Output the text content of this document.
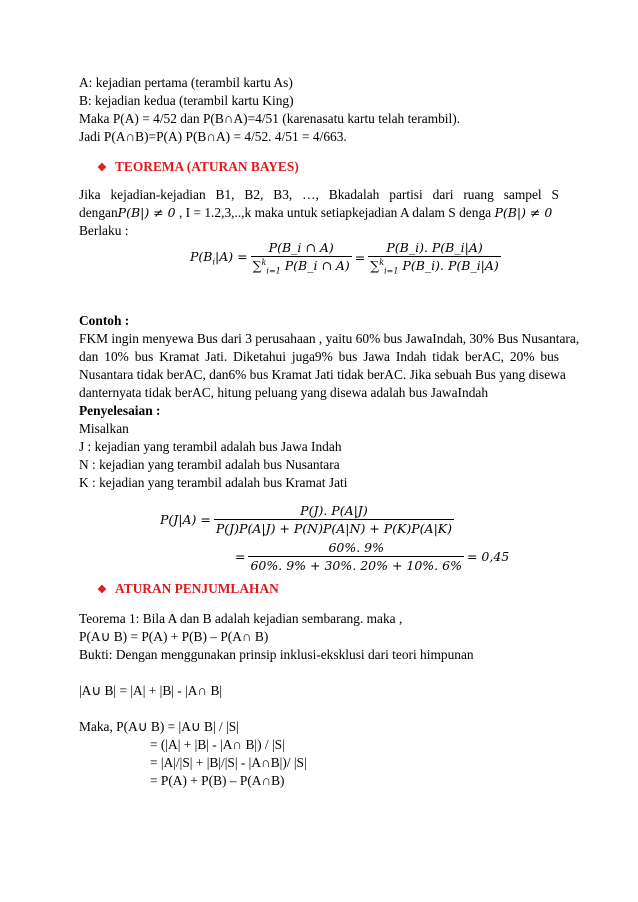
A: kejadian pertama (terambil kartu As)
B: kejadian kedua (terambil kartu King)
Maka P(A) = 4/52 dan P(B∩A)=4/51 (karenasatu kartu telah terambil).
Jadi P(A∩B)=P(A) P(B∩A) = 4/52. 4/51 = 4/663.
❖ TEOREMA (ATURAN BAYES)
Jika kejadian-kejadian B1, B2, B3, …, Bkadalah partisi dari ruang sampel S
denganP(B|) ≠ 0 , I = 1.2,3,..,k maka untuk setiapkejadian A dalam S denga P(B|) ≠ 0
Berlaku :
$P(B_i|A) = \frac{P(B\_i \cap A)}{\sum^k_{i=1} P(B\_i \cap A)} = \frac{P(B\_i). P(B\_i|A)}{\sum^k_{i=1} P(B\_i). P(B\_i|A)}$
Contoh :
FKM ingin menyewa Bus dari 3 perusahaan , yaitu 60% bus JawaIndah, 30% Bus Nusantara,
dan 10% bus Kramat Jati. Diketahui juga9% bus Jawa Indah tidak berAC, 20% bus
Nusantara tidak berAC, dan6% bus Kramat Jati tidak berAC. Jika sebuah Bus yang disewa
danternyata tidak berAC, hitung peluang yang disewa adalah bus JawaIndah
Penyelesaian :
Misalkan
J : kejadian yang terambil adalah bus Jawa Indah
N : kejadian yang terambil adalah bus Nusantara
K : kejadian yang terambil adalah bus Kramat Jati
$P(J|A) = \frac{P(J). P(A|J)}{P(J)P(A|J) + P(N)P(A|N) + P(K)P(A|K)}$
= $\frac{60\%. 9\%}{60\%. 9\% + 30\%. 20\% + 10\%. 6\%} = 0,45$
❖ ATURAN PENJUMLAHAN
Teorema 1: Bila A dan B adalah kejadian sembarang. maka ,
P(A∪ B) = P(A) + P(B) – P(A∩ B)
Bukti: Dengan menggunakan prinsip inklusi-eksklusi dari teori himpunan
|A∪ B| = |A| + |B| - |A∩ B|
Maka, P(A∪ B) = |A∪ B| / |S|
= (|A| + |B| - |A∩ B|) / |S|
= |A|/|S| + |B|/|S| - |A∩B|)/ |S|
= P(A) + P(B) – P(A∩B)
